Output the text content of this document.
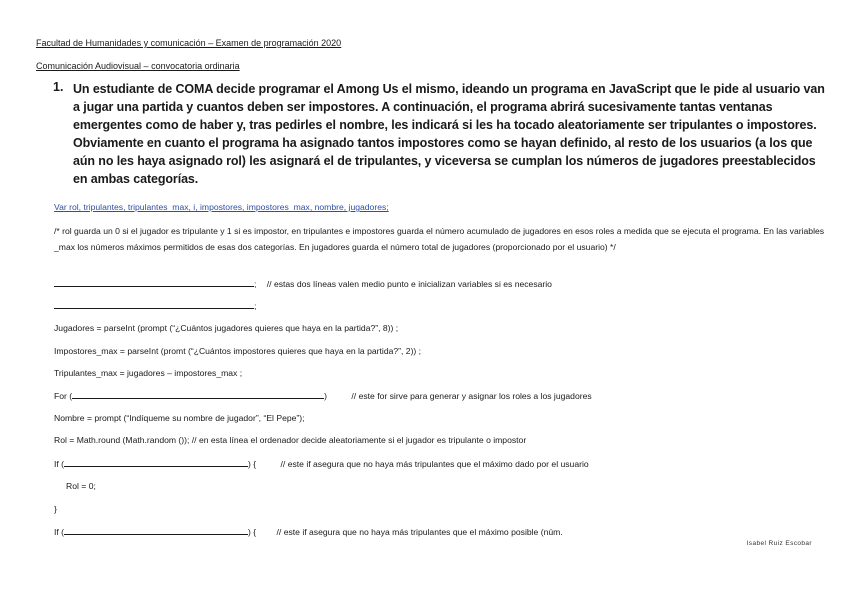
Facultad de Humanidades y comunicación – Examen de programación 2020
Comunicación Audiovisual – convocatoria ordinaria
1. Un estudiante de COMA decide programar el Among Us el mismo, ideando un programa en JavaScript que le pide al usuario van a jugar una partida y cuantos deben ser impostores. A continuación, el programa abrirá sucesivamente tantas ventanas emergentes como de haber y, tras pedirles el nombre, les indicará si les ha tocado aleatoriamente ser tripulantes o impostores. Obviamente en cuanto el programa ha asignado tantos impostores como se hayan definido, al resto de los usuarios (a los que aún no les haya asignado rol) les asignará el de tripulantes, y viceversa se cumplan los números de jugadores preestablecidos en ambas categorías.
Var rol, tripulantes, tripulantes_max, i, impostores, impostores_max, nombre, jugadores;
/* rol guarda un 0 si el jugador es tripulante y 1 si es impostor, en tripulantes e impostores guarda el número acumulado de jugadores en esos roles a medida que se ejecuta el programa. En las variables _max los números máximos permitidos de esas dos categorías. En jugadores guarda el número total de jugadores (proporcionado por el usuario) */
; // estas dos líneas valen medio punto e inicializan variables si es necesario
;
Jugadores = parseInt (prompt (“¿Cuántos jugadores quieres que haya en la partida?”, 8)) ;
Impostores_max = parseInt (promt (“¿Cuántos impostores quieres que haya en la partida?”, 2)) ;
Tripulantes_max = jugadores – impostores_max ;
For (	)	// este for sirve para generar y asignar los roles a los jugadores
Nombre = prompt (“Indíqueme su nombre de jugador”, “El Pepe”);
Rol = Math.round (Math.random ()); // en esta línea el ordenador decide aleatoriamente si el jugador es tripulante o impostor
If (	) {	// este if asegura que no haya más tripulantes que el máximo dado por el usuario
Rol = 0;
}
If (	) { // este if asegura que no haya más tripulantes que el máximo posible (núm.
Isabel Ruiz Escobar
